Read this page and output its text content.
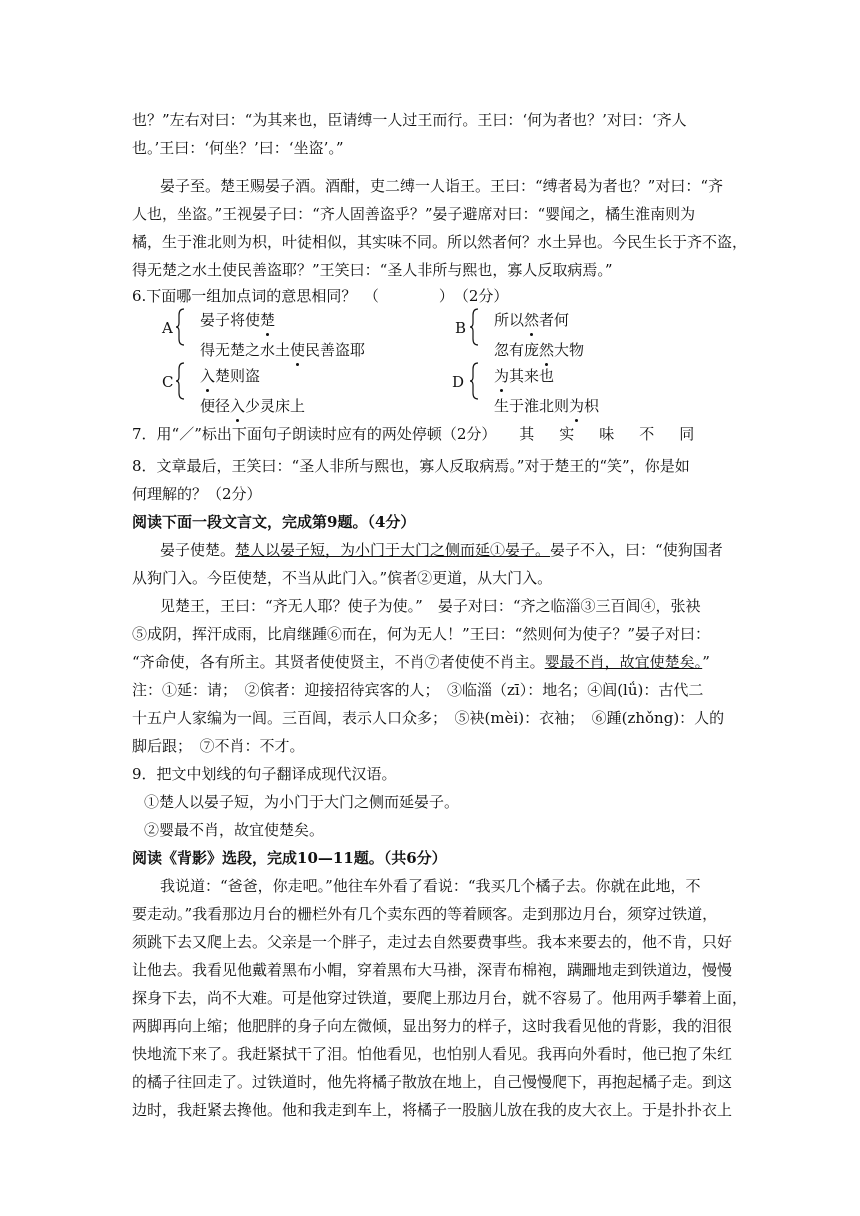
也？”左右对曰：“为其来也，臣请缚一人过王而行。王曰：‘何为者也？’对曰：‘齐人
也。’王曰：‘何坐？’曰：‘坐盗’。”
晏子至。楚王赐晏子酒。酒酣，吏二缚一人诣王。王曰：“缚者曷为者也？”对曰：“齐
人也，坐盗。”王视晏子曰：“齐人固善盗乎？”晏子避席对曰：“婴闻之，橘生淮南则为
橘，生于淮北则为枳，叶徒相似，其实味不同。所以然者何？水土异也。今民生长于齐不盗，
得无楚之水土使民善盗耶？”王笑曰：“圣人非所与熙也，寡人反取病焉。”
6.下面哪一组加点词的意思相同？　（　　　　）　（2分）
A 晏子将使楚
得无楚之水土使民善盗耶
B 所以然者何
忽有庞然大物
C 入楚则盗
便径入少灵床上
D 为其来也
生于淮北则为枳
7．用“／”标出下面句子朗读时应有的两处停顿（2分） 其实味不同
8．文章最后，王笑曰：“圣人非所与熙也，寡人反取病焉。”对于楚王的“笑”，你是如
何理解的？（2分）
阅读下面一段文言文，完成第9题。（4分）
晏子使楚。楚人以晏子短，为小门于大门之侧而延①晏子。晏子不入，曰：“使狗国者
从狗门入。今臣使楚，不当从此门入。”傧者②更道，从大门入。
见楚王，王曰：“齐无人耶？使子为使。”　晏子对曰：“齐之临淄③三百闾④，张袂
⑤成阴，挥汗成雨，比肩继踵⑥而在，何为无人！”王曰：“然则何为使子？”晏子对曰：
“齐命使，各有所主。其贤者使使贤主，不肖⑦者使使不肖主。婴最不肖，故宜使楚矣。”
注：①延：请；　②傧者：迎接招待宾客的人；　③临淄（zī）：地名；④闾(lǘ)：古代二
十五户人家编为一闾。三百闾，表示人口众多；　⑤袂(mèi)：衣袖；　⑥踵(zhǒng)：人的
脚后跟；　⑦不肖：不才。
9．把文中划线的句子翻译成现代汉语。
①楚人以晏子短，为小门于大门之侧而延晏子。
②婴最不肖，故宜使楚矣。
阅读《背影》选段，完成10—11题。（共6分）
我说道：“爸爸，你走吧。”他往车外看了看说：“我买几个橘子去。你就在此地，不
要走动。”我看那边月台的栅栏外有几个卖东西的等着顾客。走到那边月台，须穿过铁道，
须跳下去又爬上去。父亲是一个胖子，走过去自然要费事些。我本来要去的，他不肯，只好
让他去。我看见他戴着黑布小帽，穿着黑布大马褂，深青布棉袍，蹒跚地走到铁道边，慢慢
探身下去，尚不大难。可是他穿过铁道，要爬上那边月台，就不容易了。他用两手攀着上面，
两脚再向上缩；他肥胖的身子向左微倾，显出努力的样子，这时我看见他的背影，我的泪很
快地流下来了。我赶紧拭干了泪。怕他看见，也怕别人看见。我再向外看时，他已抱了朱红
的橘子往回走了。过铁道时，他先将橘子散放在地上，自己慢慢爬下，再抱起橘子走。到这
边时，我赶紧去搀他。他和我走到车上，将橘子一股脑儿放在我的皮大衣上。于是扑扑衣上
